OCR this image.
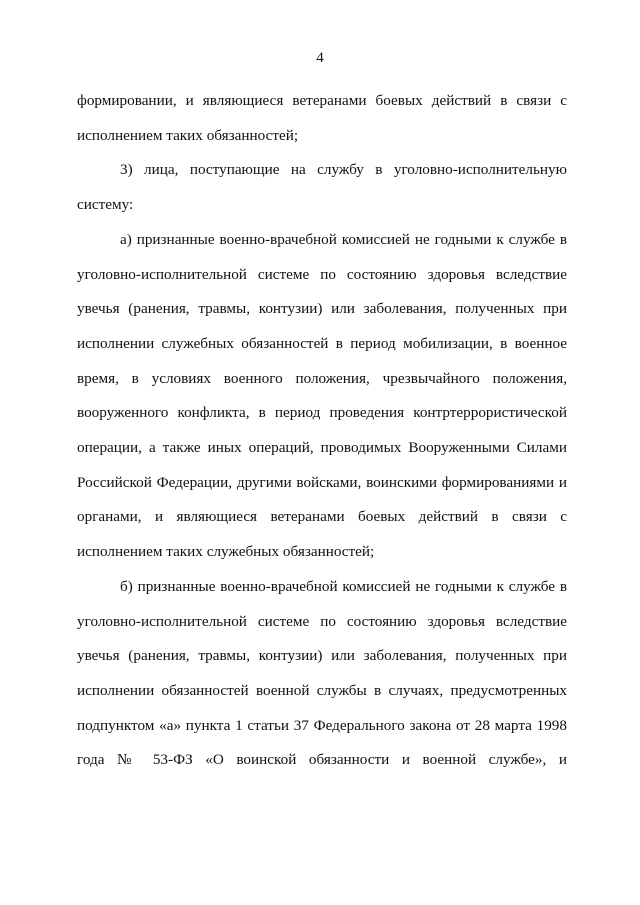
4

формировании, и являющиеся ветеранами боевых действий в связи с исполнением таких обязанностей;

3) лица, поступающие на службу в уголовно-исполнительную систему:

а) признанные военно-врачебной комиссией не годными к службе в уголовно-исполнительной системе по состоянию здоровья вследствие увечья (ранения, травмы, контузии) или заболевания, полученных при исполнении служебных обязанностей в период мобилизации, в военное время, в условиях военного положения, чрезвычайного положения, вооруженного конфликта, в период проведения контртеррористической операции, а также иных операций, проводимых Вооруженными Силами Российской Федерации, другими войсками, воинскими формированиями и органами, и являющиеся ветеранами боевых действий в связи с исполнением таких служебных обязанностей;

б) признанные военно-врачебной комиссией не годными к службе в уголовно-исполнительной системе по состоянию здоровья вследствие увечья (ранения, травмы, контузии) или заболевания, полученных при исполнении обязанностей военной службы в случаях, предусмотренных подпунктом «а» пункта 1 статьи 37 Федерального закона от 28 марта 1998 года № 53-ФЗ «О воинской обязанности и военной службе», и
